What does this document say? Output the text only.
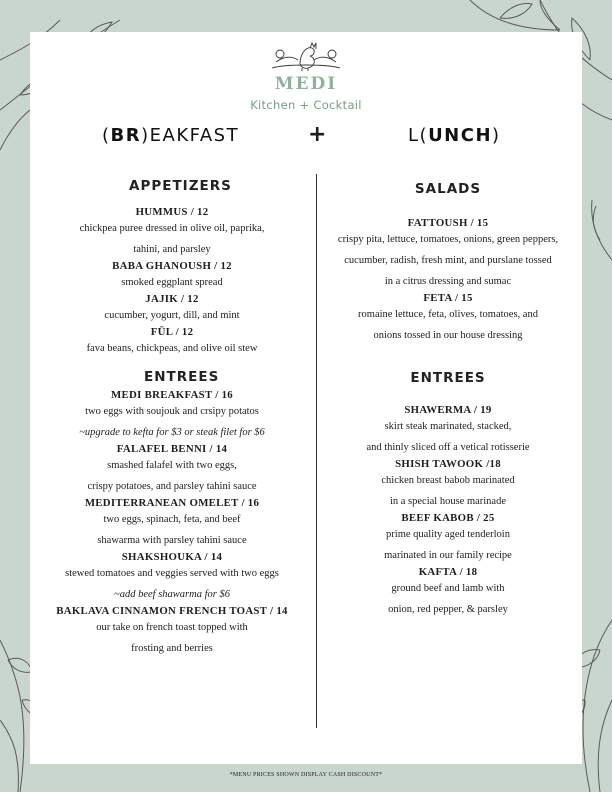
MEDI
Kitchen + Cocktail
(BR)EAKFAST	+	L(UNCH)
APPETIZERS

HUMMUS / 12

chickpea puree dressed in olive oil, paprika,

tahini, and parsley

BABA GHANOUSH / 12

smoked eggplant spread

JAJIK / 12

cucumber, yogurt, dill, and mint

FŪL / 12

fava beans, chickpeas, and olive oil stew

ENTREES

MEDI BREAKFAST / 16

two eggs with soujouk and crsipy potatos

~upgrade to kefta for $3 or steak filet for $6

FALAFEL BENNI / 14

smashed falafel with two eggs,

crispy potatoes, and parsley tahini sauce

MEDITERRANEAN OMELET / 16

two eggs, spinach, feta, and beef

shawarma with parsley tahini sauce

SHAKSHOUKA / 14

stewed tomatoes and veggies served with two eggs

~add beef shawarma for $6

BAKLAVA CINNAMON FRENCH TOAST / 14

our take on french toast topped with

frosting and berries

SALADS

FATTOUSH / 15

crispy pita, lettuce, tomatoes, onions, green peppers,

cucumber, radish, fresh mint, and purslane tossed

in a citrus dressing and sumac

FETA / 15

romaine lettuce, feta, olives, tomatoes, and

onions tossed in our house dressing

ENTREES

SHAWERMA / 19

skirt steak marinated, stacked,

and thinly sliced off a vetical rotisserie

SHISH TAWOOK /18

chicken breast babob marinated

in a special house marinade

BEEF KABOB / 25

prime quality aged tenderloin

marinated in our family recipe

KAFTA / 18

ground beef and lamb with

onion, red pepper, & parsley

*MENU PRICES SHOWN DISPLAY CASH DISCOUNT*
